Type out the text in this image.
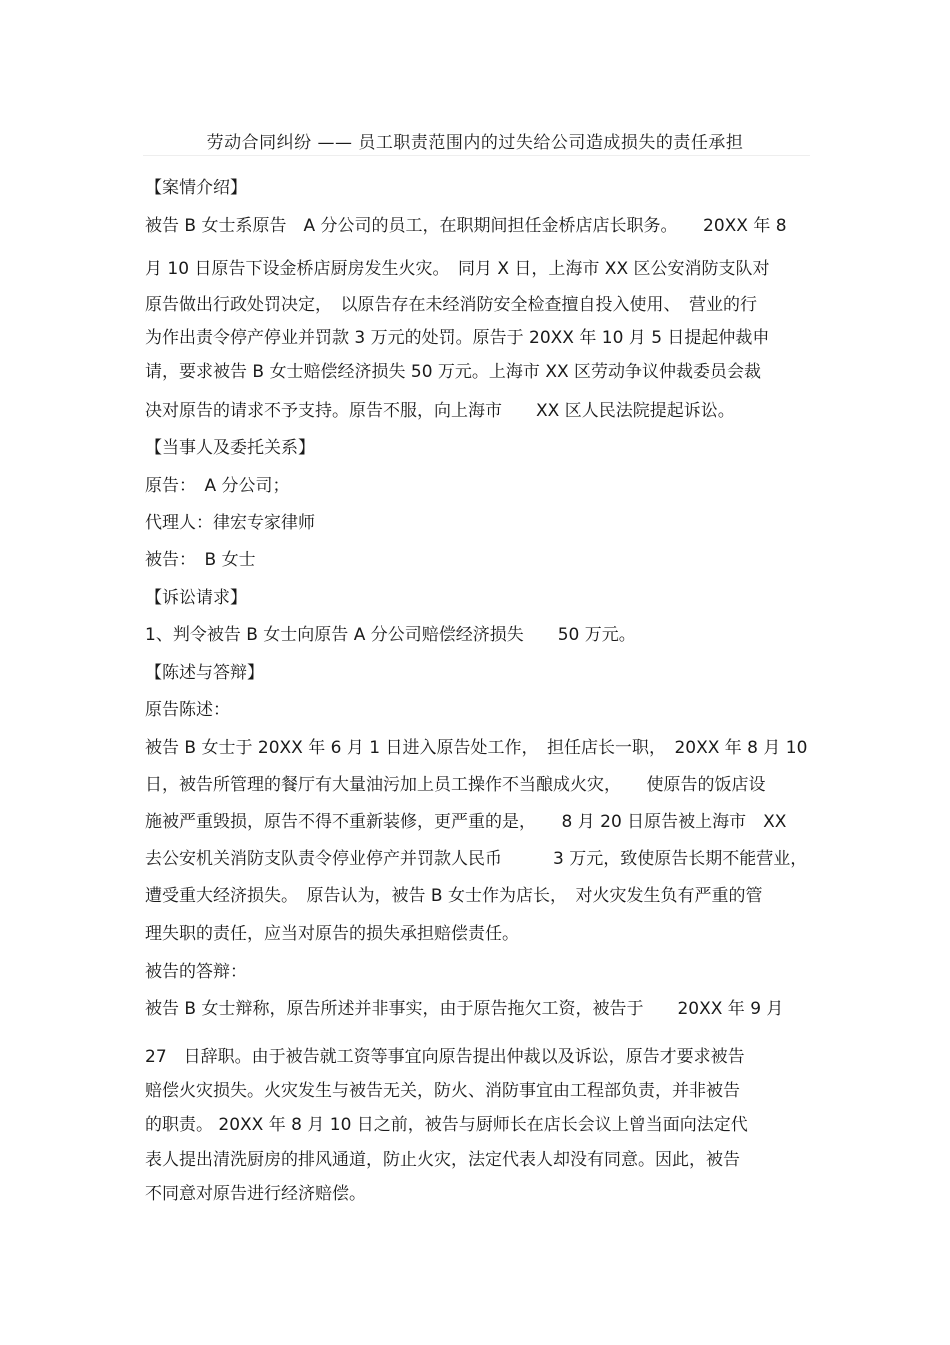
劳动合同纠纷 —— 员工职责范围内的过失给公司造成损失的责任承担
【案情介绍】
被告 B 女士系原告　A 分公司的员工，在职期间担任金桥店店长职务。　　20XX 年 8
月 10 日原告下设金桥店厨房发生火灾。　同月 X 日，上海市 XX 区公安消防支队对
原告做出行政处罚决定，　以原告存在未经消防安全检查擅自投入使用、　营业的行
为作出责令停产停业并罚款 3 万元的处罚。原告于 20XX 年 10 月 5 日提起仲裁申
请，要求被告 B 女士赔偿经济损失 50 万元。上海市 XX 区劳动争议仲裁委员会裁
决对原告的请求不予支持。原告不服，向上海市　　XX 区人民法院提起诉讼。
【当事人及委托关系】
原告：　A 分公司；
代理人：律宏专家律师
被告：　B 女士
【诉讼请求】
1、判令被告 B 女士向原告 A 分公司赔偿经济损失　　50 万元。
【陈述与答辩】
原告陈述：
被告 B 女士于 20XX 年 6 月 1 日进入原告处工作，　担任店长一职，　20XX 年 8 月 10
日，被告所管理的餐厅有大量油污加上员工操作不当酿成火灾，　　使原告的饭店设
施被严重毁损，原告不得不重新装修，更严重的是，　　8 月 20 日原告被上海市　XX
去公安机关消防支队责令停业停产并罚款人民币　　　3 万元，致使原告长期不能营业，
遭受重大经济损失。　原告认为，被告 B 女士作为店长，　对火灾发生负有严重的管
理失职的责任，应当对原告的损失承担赔偿责任。
被告的答辩：
被告 B 女士辩称，原告所述并非事实，由于原告拖欠工资，被告于　　20XX 年 9 月
27　日辞职。由于被告就工资等事宜向原告提出仲裁以及诉讼，原告才要求被告
赔偿火灾损失。火灾发生与被告无关，防火、消防事宜由工程部负责，并非被告
的职责。 20XX 年 8 月 10 日之前，被告与厨师长在店长会议上曾当面向法定代
表人提出清洗厨房的排风通道，防止火灾，法定代表人却没有同意。因此，被告
不同意对原告进行经济赔偿。
